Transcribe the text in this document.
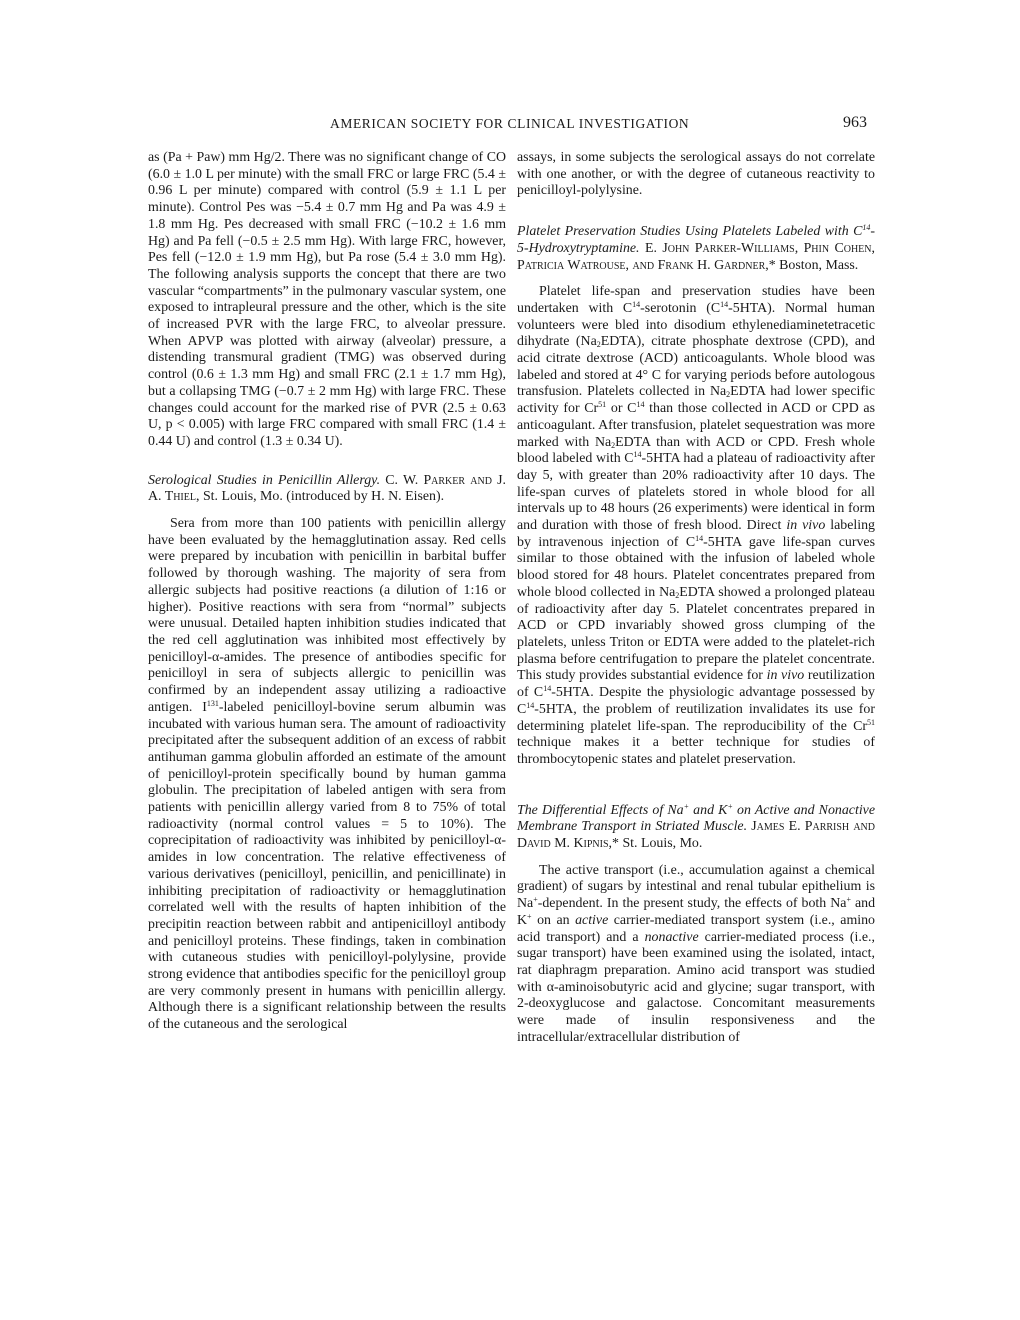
AMERICAN SOCIETY FOR CLINICAL INVESTIGATION	963

as (Pa + Paw) mm Hg/2. There was no significant change of CO (6.0 ± 1.0 L per minute) with the small FRC or large FRC (5.4 ± 0.96 L per minute) compared with control (5.9 ± 1.1 L per minute). Control Pes was −5.4 ± 0.7 mm Hg and Pa was 4.9 ± 1.8 mm Hg. Pes decreased with small FRC (−10.2 ± 1.6 mm Hg) and Pa fell (−0.5 ± 2.5 mm Hg). With large FRC, however, Pes fell (−12.0 ± 1.9 mm Hg), but Pa rose (5.4 ± 3.0 mm Hg). The following analysis supports the concept that there are two vascular “compartments” in the pulmonary vascular system, one exposed to intrapleural pressure and the other, which is the site of increased PVR with the large FRC, to alveolar pressure. When APVP was plotted with airway (alveolar) pressure, a distending transmural gradient (TMG) was observed during control (0.6 ± 1.3 mm Hg) and small FRC (2.1 ± 1.7 mm Hg), but a collapsing TMG (−0.7 ± 2 mm Hg) with large FRC. These changes could account for the marked rise of PVR (2.5 ± 0.63 U, p < 0.005) with large FRC compared with small FRC (1.4 ± 0.44 U) and control (1.3 ± 0.34 U).

Serological Studies in Penicillin Allergy. C. W. Parker and J. A. Thiel, St. Louis, Mo. (introduced by H. N. Eisen).

Sera from more than 100 patients with penicillin allergy have been evaluated by the hemagglutination assay. Red cells were prepared by incubation with penicillin in barbital buffer followed by thorough washing. The majority of sera from allergic subjects had positive reactions (a dilution of 1:16 or higher). Positive reactions with sera from “normal” subjects were unusual. Detailed hapten inhibition studies indicated that the red cell agglutination was inhibited most effectively by penicilloyl-α-amides. The presence of antibodies specific for penicilloyl in sera of subjects allergic to penicillin was confirmed by an independent assay utilizing a radioactive antigen. $I^{131}$-labeled penicilloyl-bovine serum albumin was incubated with various human sera. The amount of radioactivity precipitated after the subsequent addition of an excess of rabbit antihuman gamma globulin afforded an estimate of the amount of penicilloyl-protein specifically bound by human gamma globulin. The precipitation of labeled antigen with sera from patients with penicillin allergy varied from 8 to 75% of total radioactivity (normal control values = 5 to 10%). The coprecipitation of radioactivity was inhibited by penicilloyl-α-amides in low concentration. The relative effectiveness of various derivatives (penicilloyl, penicillin, and penicillinate) in inhibiting precipitation of radioactivity or hemagglutination correlated well with the results of hapten inhibition of the precipitin reaction between rabbit and antipenicilloyl antibody and penicilloyl proteins. These findings, taken in combination with cutaneous studies with penicilloyl-polylysine, provide strong evidence that antibodies specific for the penicilloyl group are very commonly present in humans with penicillin allergy. Although there is a significant relationship between the results of the cutaneous and the serological

assays, in some subjects the serological assays do not correlate with one another, or with the degree of cutaneous reactivity to penicilloyl-polylysine.

Platelet Preservation Studies Using Platelets Labeled with $C^{14}-5$-Hydroxytryptamine. E. John Parker-Williams, Phin Cohen, Patricia Watrouse, and Frank H. Gardner,* Boston, Mass.

Platelet life-span and preservation studies have been undertaken with $C^{14}$-serotonin $(C^{14}-5HTA)$. Normal human volunteers were bled into disodium ethylenediaminetetracetic dihydrate $(Na_2EDTA)$, citrate phosphate dextrose (CPD), and acid citrate dextrose (ACD) anticoagulants. Whole blood was labeled and stored at 4° C for varying periods before autologous transfusion. Platelets collected in $Na_2EDTA$ had lower specific activity for Cr$^{51}$ or $C^{14}$ than those collected in ACD or CPD as anticoagulant. After transfusion, platelet sequestration was more marked with $Na_2EDTA$ than with ACD or CPD. Fresh whole blood labeled with $C^{14}-5HTA$ had a plateau of radioactivity after day 5, with greater than 20% radioactivity after 10 days. The life-span curves of platelets stored in whole blood for all intervals up to 48 hours (26 experiments) were identical in form and duration with those of fresh blood. Direct in vivo labeling by intravenous injection of $C^{14}-5HTA$ gave life-span curves similar to those obtained with the infusion of labeled whole blood stored for 48 hours. Platelet concentrates prepared from whole blood collected in $Na_2EDTA$ showed a prolonged plateau of radioactivity after day 5. Platelet concentrates prepared in ACD or CPD invariably showed gross clumping of the platelets, unless Triton or EDTA were added to the platelet-rich plasma before centrifugation to prepare the platelet concentrate. This study provides substantial evidence for in vivo reutilization of $C^{14}-5HTA$. Despite the physiologic advantage possessed by $C^{14}-5HTA$, the problem of reutilization invalidates its use for determining platelet life-span. The reproducibility of the Cr$^{51}$ technique makes it a better technique for studies of thrombocytopenic states and platelet preservation.

The Differential Effects of Na+ and K+ on Active and Nonactive Membrane Transport in Striated Muscle. James E. Parrish and David M. Kipnis,* St. Louis, Mo.

The active transport (i.e., accumulation against a chemical gradient) of sugars by intestinal and renal tubular epithelium is Na+-dependent. In the present study, the effects of both Na+ and K+ on an active carrier-mediated transport system (i.e., amino acid transport) and a nonactive carrier-mediated process (i.e., sugar transport) have been examined using the isolated, intact, rat diaphragm preparation. Amino acid transport was studied with α-aminoisobutyric acid and glycine; sugar transport, with 2-deoxyglucose and galactose. Concomitant measurements were made of insulin responsiveness and the intracellular/extracellular distribution of
